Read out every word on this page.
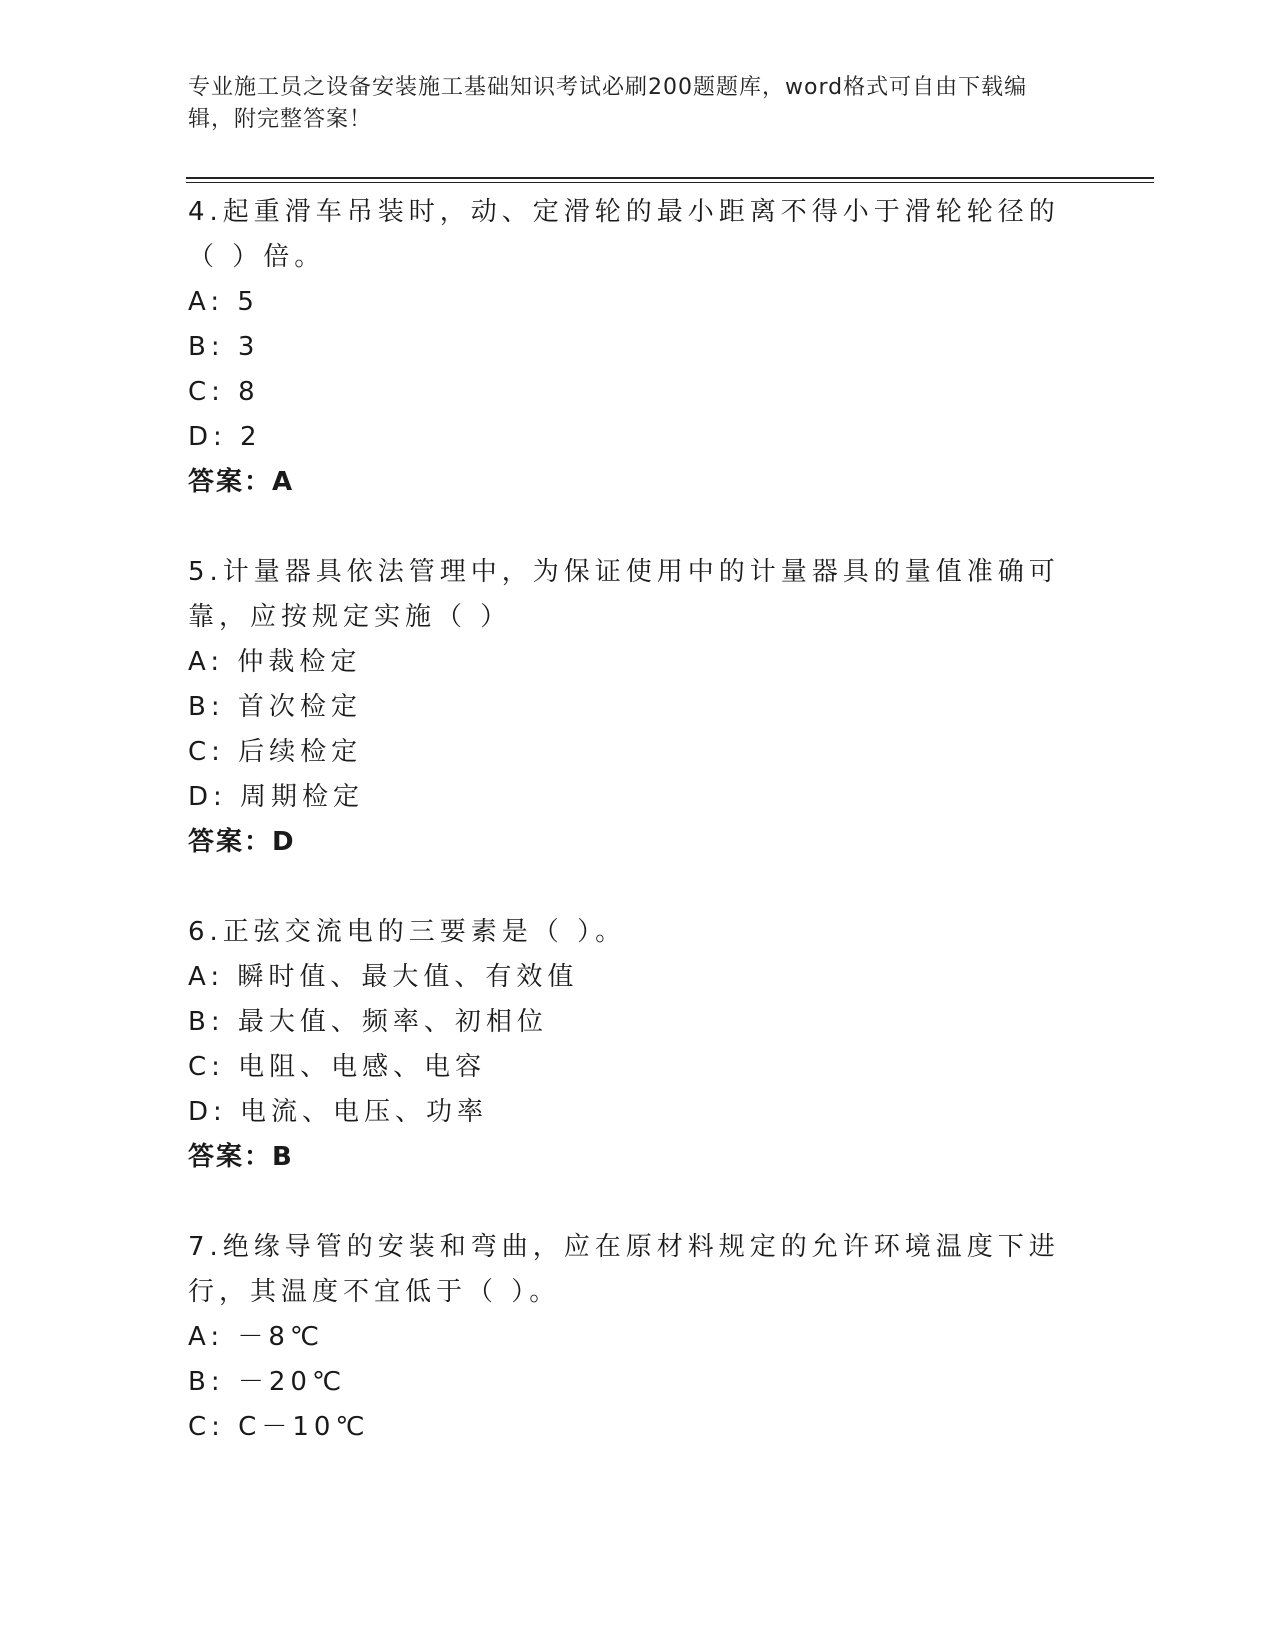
专业施工员之设备安装施工基础知识考试必刷200题题库，word格式可自由下载编辑，附完整答案！
4.起重滑车吊装时，动、定滑轮的最小距离不得小于滑轮轮径的（ ）倍。
A: 5
B: 3
C: 8
D: 2
答案：A
5.计量器具依法管理中，为保证使用中的计量器具的量值准确可靠，应按规定实施（ ）
A: 仲裁检定
B: 首次检定
C: 后续检定
D: 周期检定
答案：D
6.正弦交流电的三要素是（ ）。
A: 瞬时值、最大值、有效值
B: 最大值、频率、初相位
C: 电阻、电感、电容
D: 电流、电压、功率
答案：B
7.绝缘导管的安装和弯曲，应在原材料规定的允许环境温度下进行，其温度不宜低于（ ）。
A: －8℃
B: －20℃
C: C－10℃
